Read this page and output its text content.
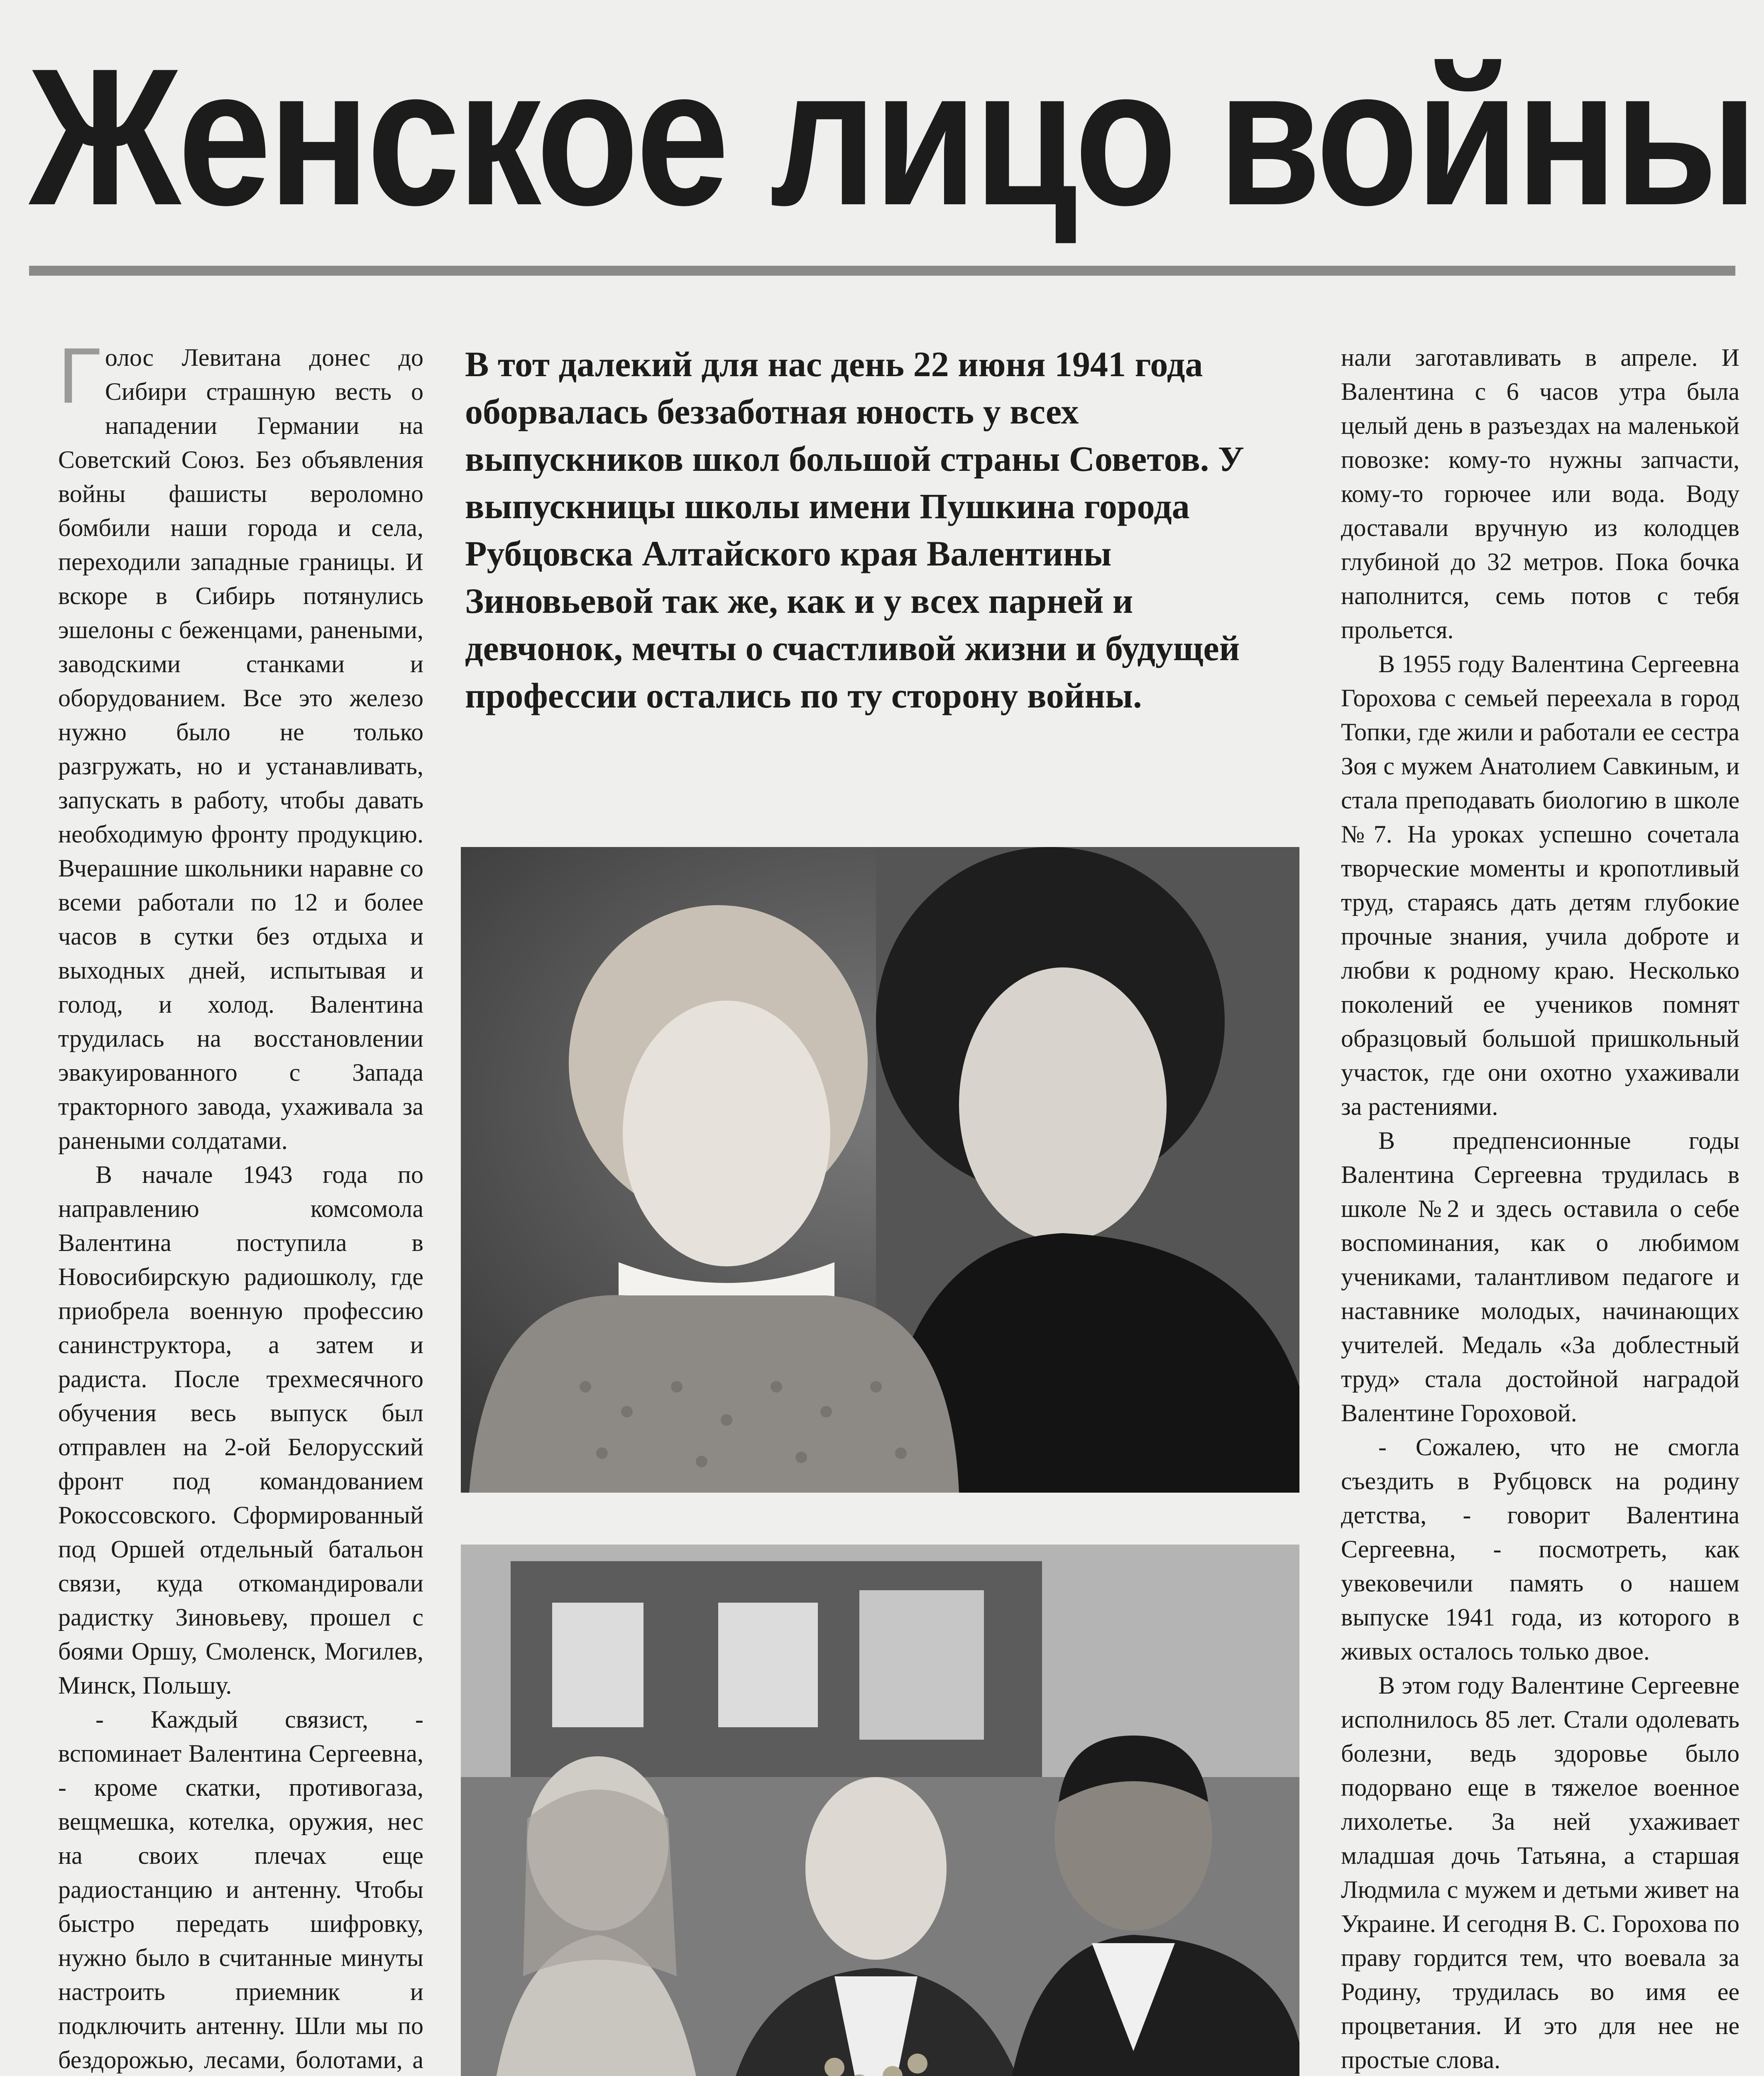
Женское лицо войны

Г олос Левитана донес до Сибири страшную весть о нападении Германии на Советский Союз. Без объявления войны фашисты вероломно бомбили наши города и села, переходили западные границы. И вскоре в Сибирь потянулись эшелоны с беженцами, ранеными, заводскими станками и оборудованием. Все это железо нужно было не только разгружать, но и устанавливать, запускать в работу, чтобы давать необходимую фронту продукцию. Вчерашние школьники наравне со всеми работали по 12 и более часов в сутки без отдыха и выходных дней, испытывая и голод, и холод. Валентина трудилась на восстановлении эвакуированного с Запада тракторного завода, ухаживала за ранеными солдатами.

В начале 1943 года по направлению комсомола Валентина поступила в Новосибирскую радиошколу, где приобрела военную профессию санинструктора, а затем и радиста. После трехмесячного обучения весь выпуск был отправлен на 2-ой Белорусский фронт под командованием Рокоссовского. Сформированный под Оршей отдельный батальон связи, куда откомандировали радистку Зиновьеву, прошел с боями Оршу, Смоленск, Могилев, Минск, Польшу.

- Каждый связист, - вспоминает Валентина Сергеевна, - кроме скатки, противогаза, вещмешка, котелка, оружия, нес на своих плечах еще радиостанцию и антенну. Чтобы быстро передать шифровку, нужно было в считанные минуты настроить приемник и подключить антенну. Шли мы по бездорожью, лесами, болотами, а

В тот далекий для нас день 22 июня 1941 года оборвалась беззаботная юность у всех выпускников школ большой страны Советов. У выпускницы школы имени Пушкина города Рубцовска Алтайского края Валентины Зиновьевой так же, как и у всех парней и девчонок, мечты о счастливой жизни и будущей профессии остались по ту сторону войны.

нали заготавливать в апреле. И Валентина с 6 часов утра была целый день в разъездах на маленькой повозке: кому-то нужны запчасти, кому-то горючее или вода. Воду доставали вручную из колодцев глубиной до 32 метров. Пока бочка наполнится, семь потов с тебя прольется.

В 1955 году Валентина Сергеевна Горохова с семьей переехала в город Топки, где жили и работали ее сестра Зоя с мужем Анатолием Савкиным, и стала преподавать биологию в школе №7. На уроках успешно сочетала творческие моменты и кропотливый труд, стараясь дать детям глубокие прочные знания, учила доброте и любви к родному краю. Несколько поколений ее учеников помнят образцовый большой пришкольный участок, где они охотно ухаживали за растениями.

В предпенсионные годы Валентина Сергеевна трудилась в школе №2 и здесь оставила о себе воспоминания, как о любимом учениками, талантливом педагоге и наставнике молодых, начинающих учителей. Медаль «За доблестный труд» стала достойной наградой Валентине Гороховой.

- Сожалею, что не смогла съездить в Рубцовск на родину детства, - говорит Валентина Сергеевна, - посмотреть, как увековечили память о нашем выпуске 1941 года, из которого в живых осталось только двое.

В этом году Валентине Сергеевне исполнилось 85 лет. Стали одолевать болезни, ведь здоровье было подорвано еще в тяжелое военное лихолетье. За ней ухаживает младшая дочь Татьяна, а старшая Людмила с мужем и детьми живет на Украине. И сегодня В. С. Горохова по праву гордится тем, что воевала за Родину, трудилась во имя ее процветания. И это для нее не простые слова.
